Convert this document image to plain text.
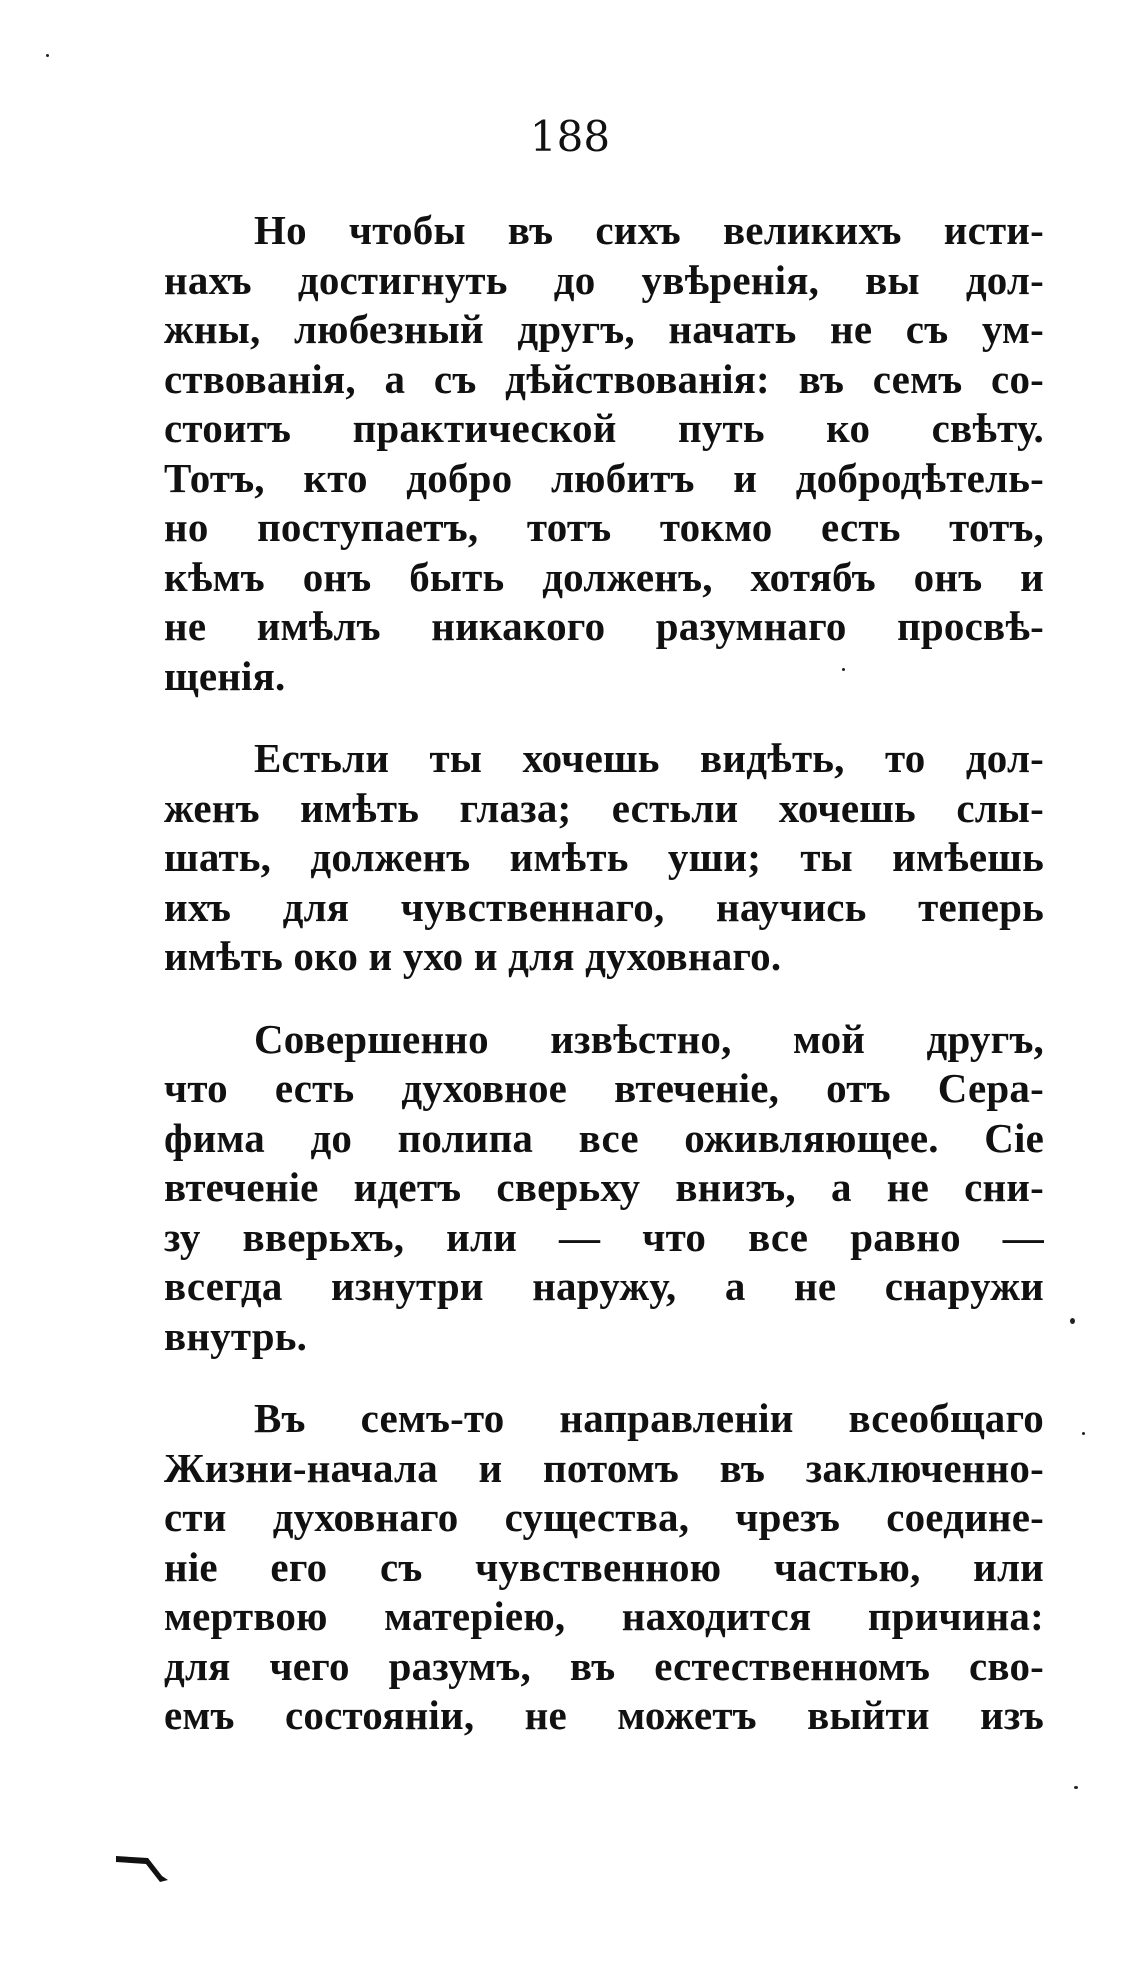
188
Но чтобы въ сихъ великихъ исти-
нахъ достигнуть до увѣренія, вы дол-
жны, любезный другъ, начать не съ ум-
ствованія, а съ дѣйствованія: въ семъ со-
стоитъ практической путь ко свѣту.
Тотъ, кто добро любитъ и добродѣтель-
но поступаетъ, тотъ токмо есть тотъ,
кѣмъ онъ быть долженъ, хотябъ онъ и
не имѣлъ никакого разумнаго просвѣ-
щенія.
Естьли ты хочешь видѣть, то дол-
женъ имѣть глаза; естьли хочешь слы-
шать, долженъ имѣть уши; ты имѣешь
ихъ для чувственнаго, научись теперь
имѣть око и ухо и для духовнаго.
Совершенно извѣстно, мой другъ,
что есть духовное втеченіе, отъ Сера-
фима до полипа все оживляющее. Сіе
втеченіе идетъ сверьху внизъ, а не сни-
зу вверьхъ, или — что все равно —
всегда изнутри наружу, а не снаружи
внутрь.
Въ семъ-то направленіи всеобщаго
Жизни-начала и потомъ въ заключенно-
сти духовнаго существа, чрезъ соедине-
ніе его съ чувственною частью, или
мертвою матеріею, находится причина:
для чего разумъ, въ естественномъ сво-
емъ состояніи, не можетъ выйти изъ
